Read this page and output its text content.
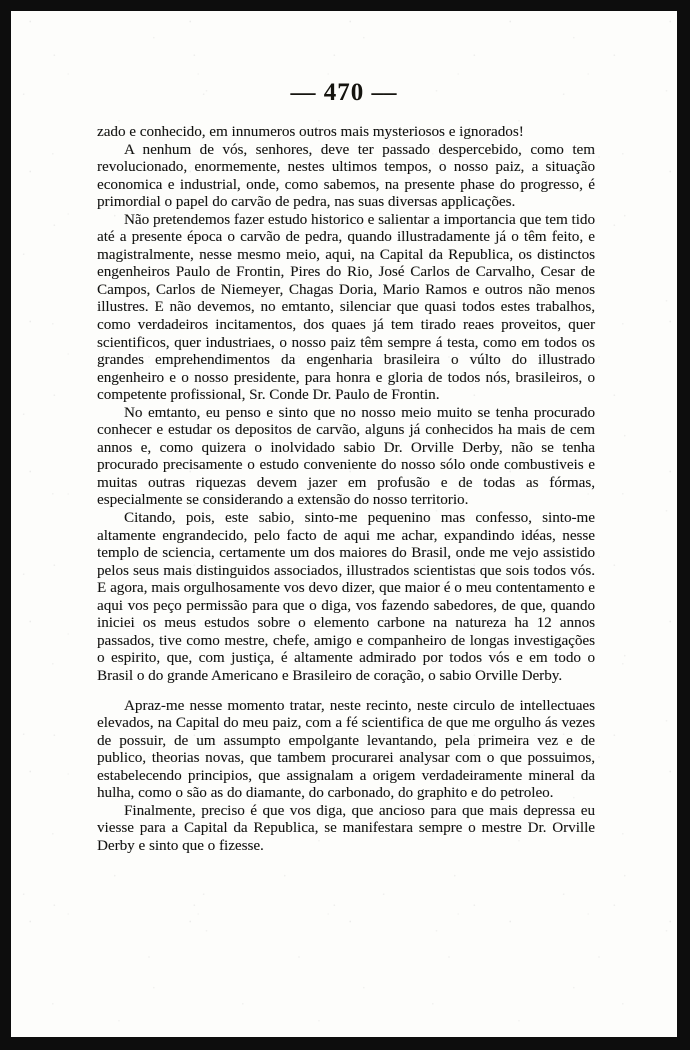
— 470 —

zado e conhecido, em innumeros outros mais mysteriosos e ignorados!

A nenhum de vós, senhores, deve ter passado despercebido, como tem revolucionado, enormemente, nestes ultimos tempos, o nosso paiz, a situação economica e industrial, onde, como sabemos, na presente phase do progresso, é primordial o papel do carvão de pedra, nas suas diversas applicações.

Não pretendemos fazer estudo historico e salientar a importancia que tem tido até a presente época o carvão de pedra, quando illustradamente já o têm feito, e magistralmente, nesse mesmo meio, aqui, na Capital da Republica, os distinctos engenheiros Paulo de Frontin, Pires do Rio, José Carlos de Carvalho, Cesar de Campos, Carlos de Niemeyer, Chagas Doria, Mario Ramos e outros não menos illustres. E não devemos, no emtanto, silenciar que quasi todos estes trabalhos, como verdadeiros incitamentos, dos quaes já tem tirado reaes proveitos, quer scientificos, quer industriaes, o nosso paiz têm sempre á testa, como em todos os grandes emprehendimentos da engenharia brasileira o vúlto do illustrado engenheiro e o nosso presidente, para honra e gloria de todos nós, brasileiros, o competente profissional, Sr. Conde Dr. Paulo de Frontin.

No emtanto, eu penso e sinto que no nosso meio muito se tenha procurado conhecer e estudar os depositos de carvão, alguns já conhecidos ha mais de cem annos e, como quizera o inolvidado sabio Dr. Orville Derby, não se tenha procurado precisamente o estudo conveniente do nosso sólo onde combustiveis e muitas outras riquezas devem jazer em profusão e de todas as fórmas, especialmente se considerando a extensão do nosso territorio.

Citando, pois, este sabio, sinto-me pequenino mas confesso, sinto-me altamente engrandecido, pelo facto de aqui me achar, expandindo idéas, nesse templo de sciencia, certamente um dos maiores do Brasil, onde me vejo assistido pelos seus mais distinguidos associados, illustrados scientistas que sois todos vós. E agora, mais orgulhosamente vos devo dizer, que maior é o meu contentamento e aqui vos peço permissão para que o diga, vos fazendo sabedores, de que, quando iniciei os meus estudos sobre o elemento carbone na natureza ha 12 annos passados, tive como mestre, chefe, amigo e companheiro de longas investigações o espirito, que, com justiça, é altamente admirado por todos vós e em todo o Brasil o do grande Americano e Brasileiro de coração, o sabio Orville Derby.

Apraz-me nesse momento tratar, neste recinto, neste circulo de intellectuaes elevados, na Capital do meu paiz, com a fé scientifica de que me orgulho ás vezes de possuir, de um assumpto empolgante levantando, pela primeira vez e de publico, theorias novas, que tambem procurarei analysar com o que possuimos, estabelecendo principios, que assignalam a origem verdadeiramente mineral da hulha, como o são as do diamante, do carbonado, do graphito e do petroleo.

Finalmente, preciso é que vos diga, que ancioso para que mais depressa eu viesse para a Capital da Republica, se manifestara sempre o mestre Dr. Orville Derby e sinto que o fizesse.
